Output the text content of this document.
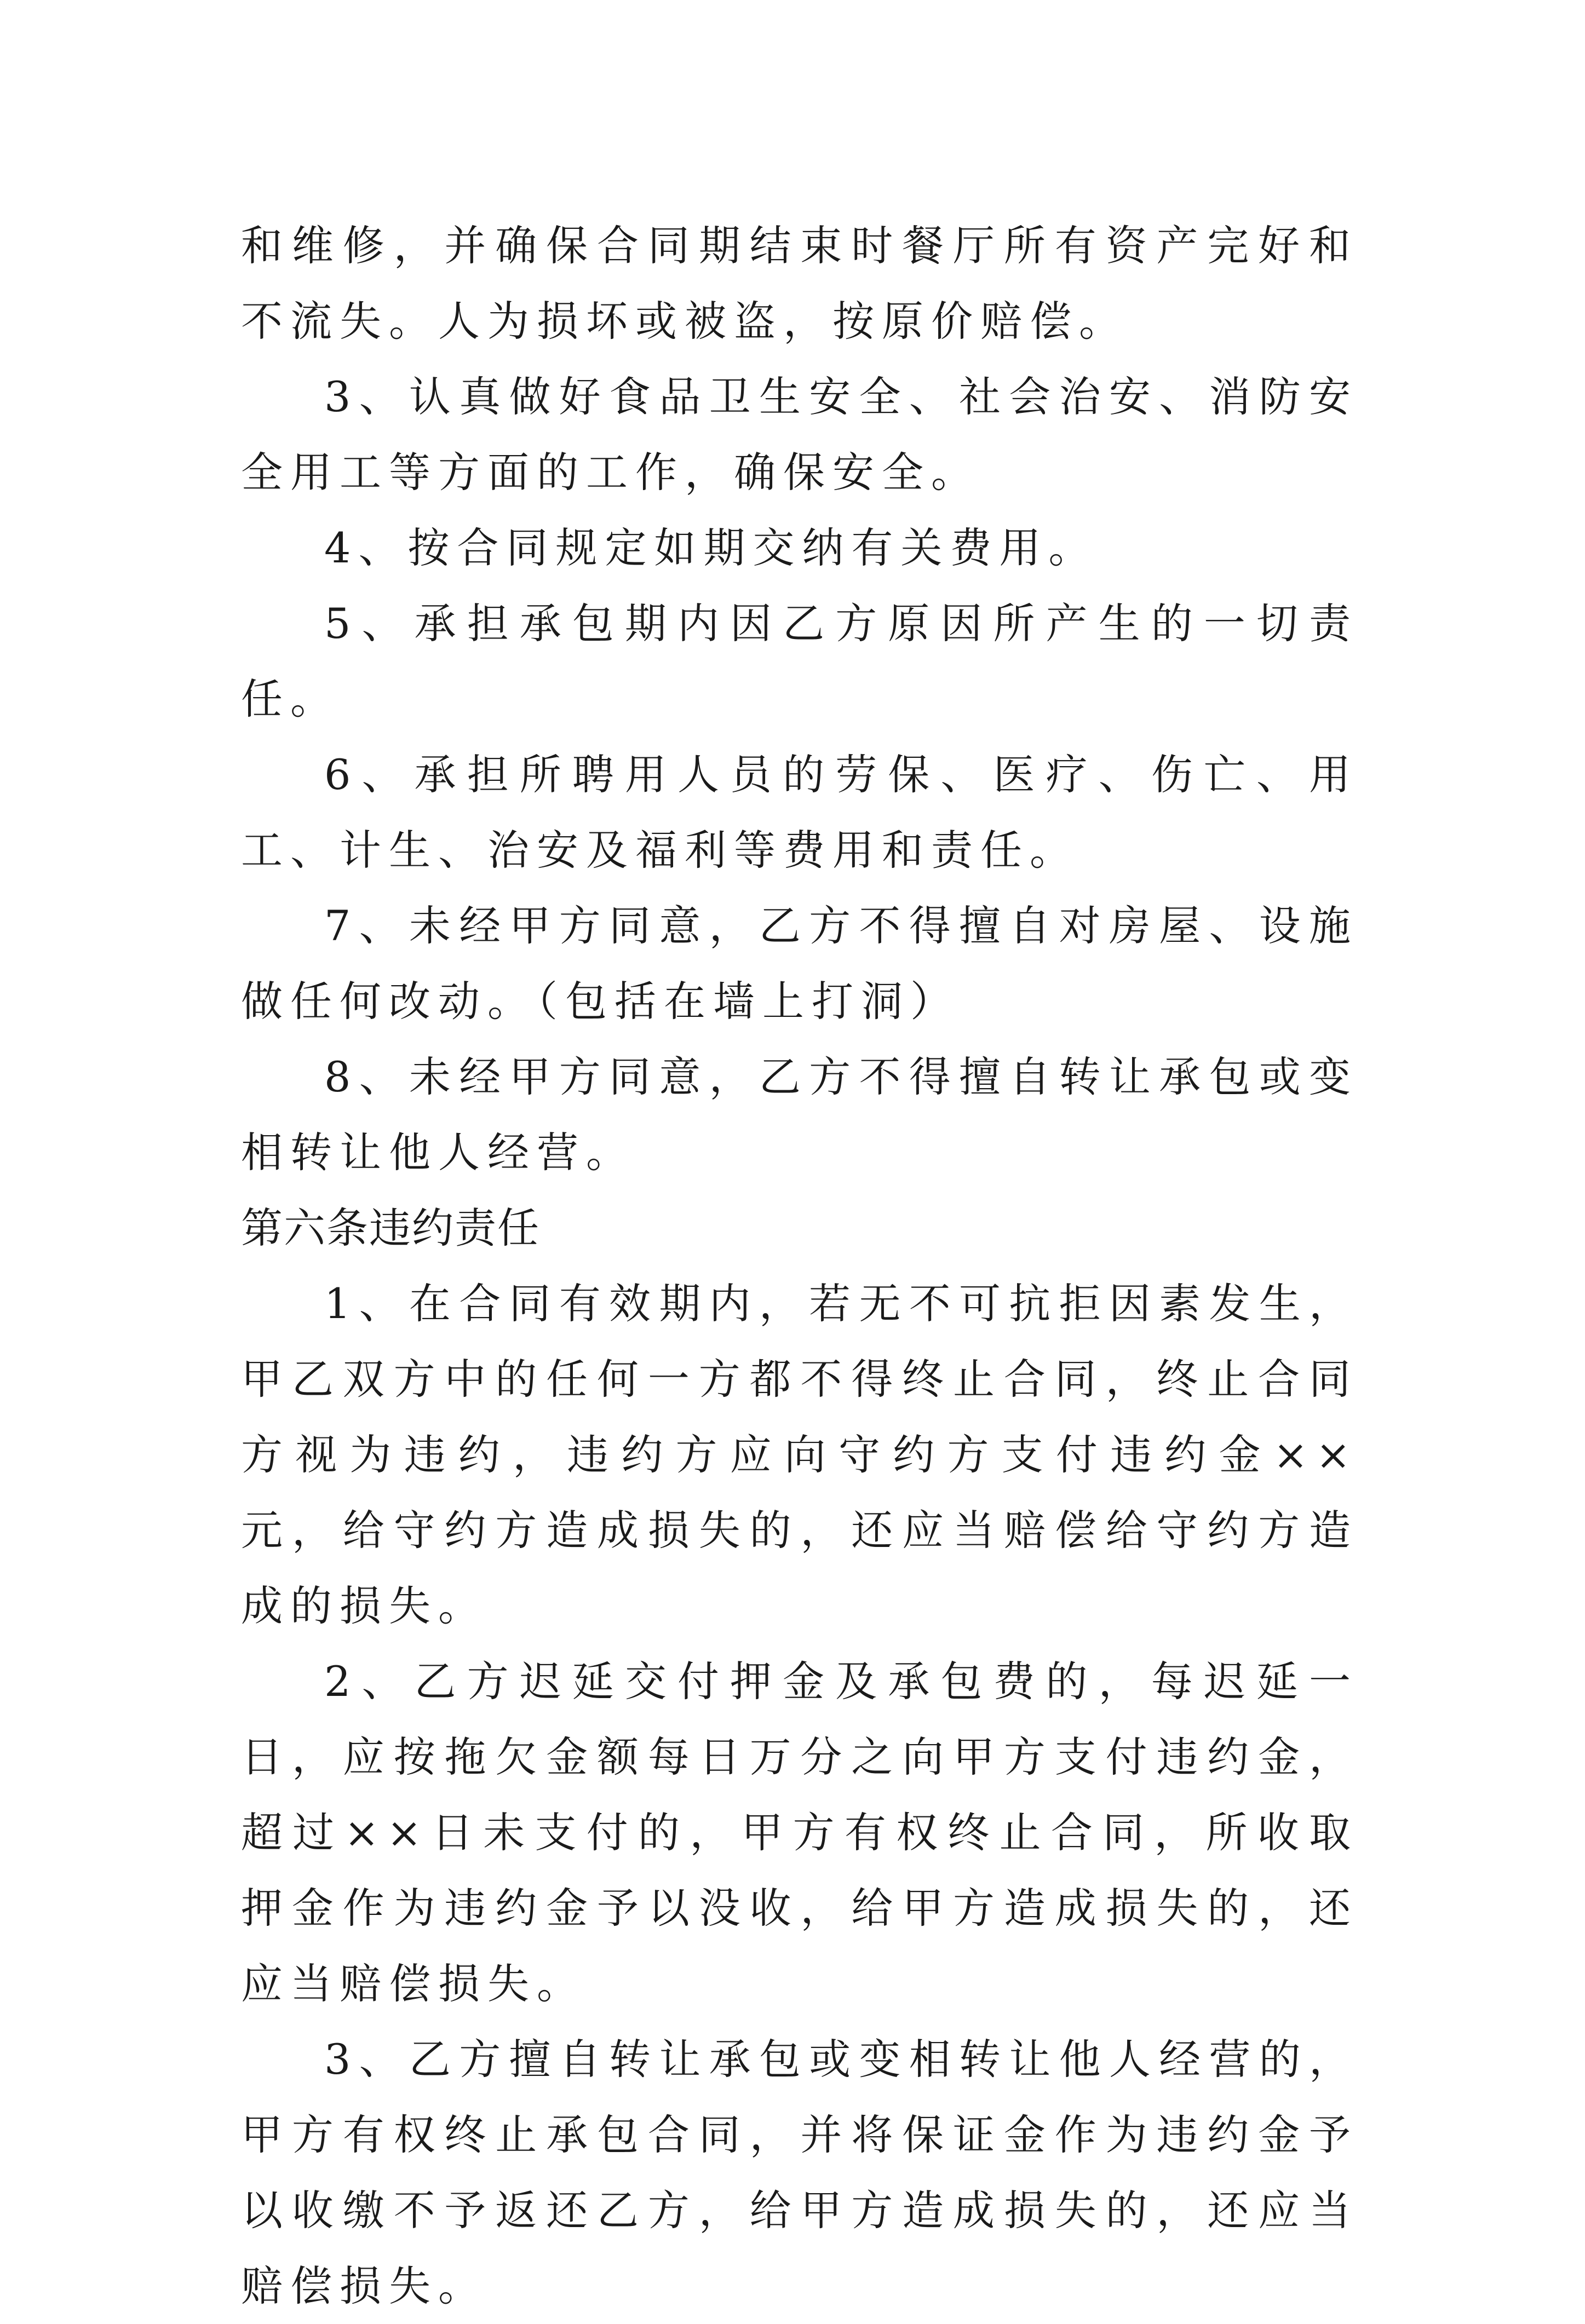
和维修，并确保合同期结束时餐厅所有资产完好和不流失。人为损坏或被盗，按原价赔偿。

3、认真做好食品卫生安全、社会治安、消防安全用工等方面的工作，确保安全。

4、按合同规定如期交纳有关费用。

5、承担承包期内因乙方原因所产生的一切责任。

6、承担所聘用人员的劳保、医疗、伤亡、用工、计生、治安及福利等费用和责任。

7、未经甲方同意，乙方不得擅自对房屋、设施做任何改动。（包括在墙上打洞）

8、未经甲方同意，乙方不得擅自转让承包或变相转让他人经营。

第六条违约责任

1、在合同有效期内，若无不可抗拒因素发生，甲乙双方中的任何一方都不得终止合同，终止合同方视为违约，违约方应向守约方支付违约金××元，给守约方造成损失的，还应当赔偿给守约方造成的损失。

2、乙方迟延交付押金及承包费的，每迟延一日，应按拖欠金额每日万分之向甲方支付违约金，超过××日未支付的，甲方有权终止合同，所收取押金作为违约金予以没收，给甲方造成损失的，还应当赔偿损失。

3、乙方擅自转让承包或变相转让他人经营的，甲方有权终止承包合同，并将保证金作为违约金予以收缴不予返还乙方，给甲方造成损失的，还应当赔偿损失。
